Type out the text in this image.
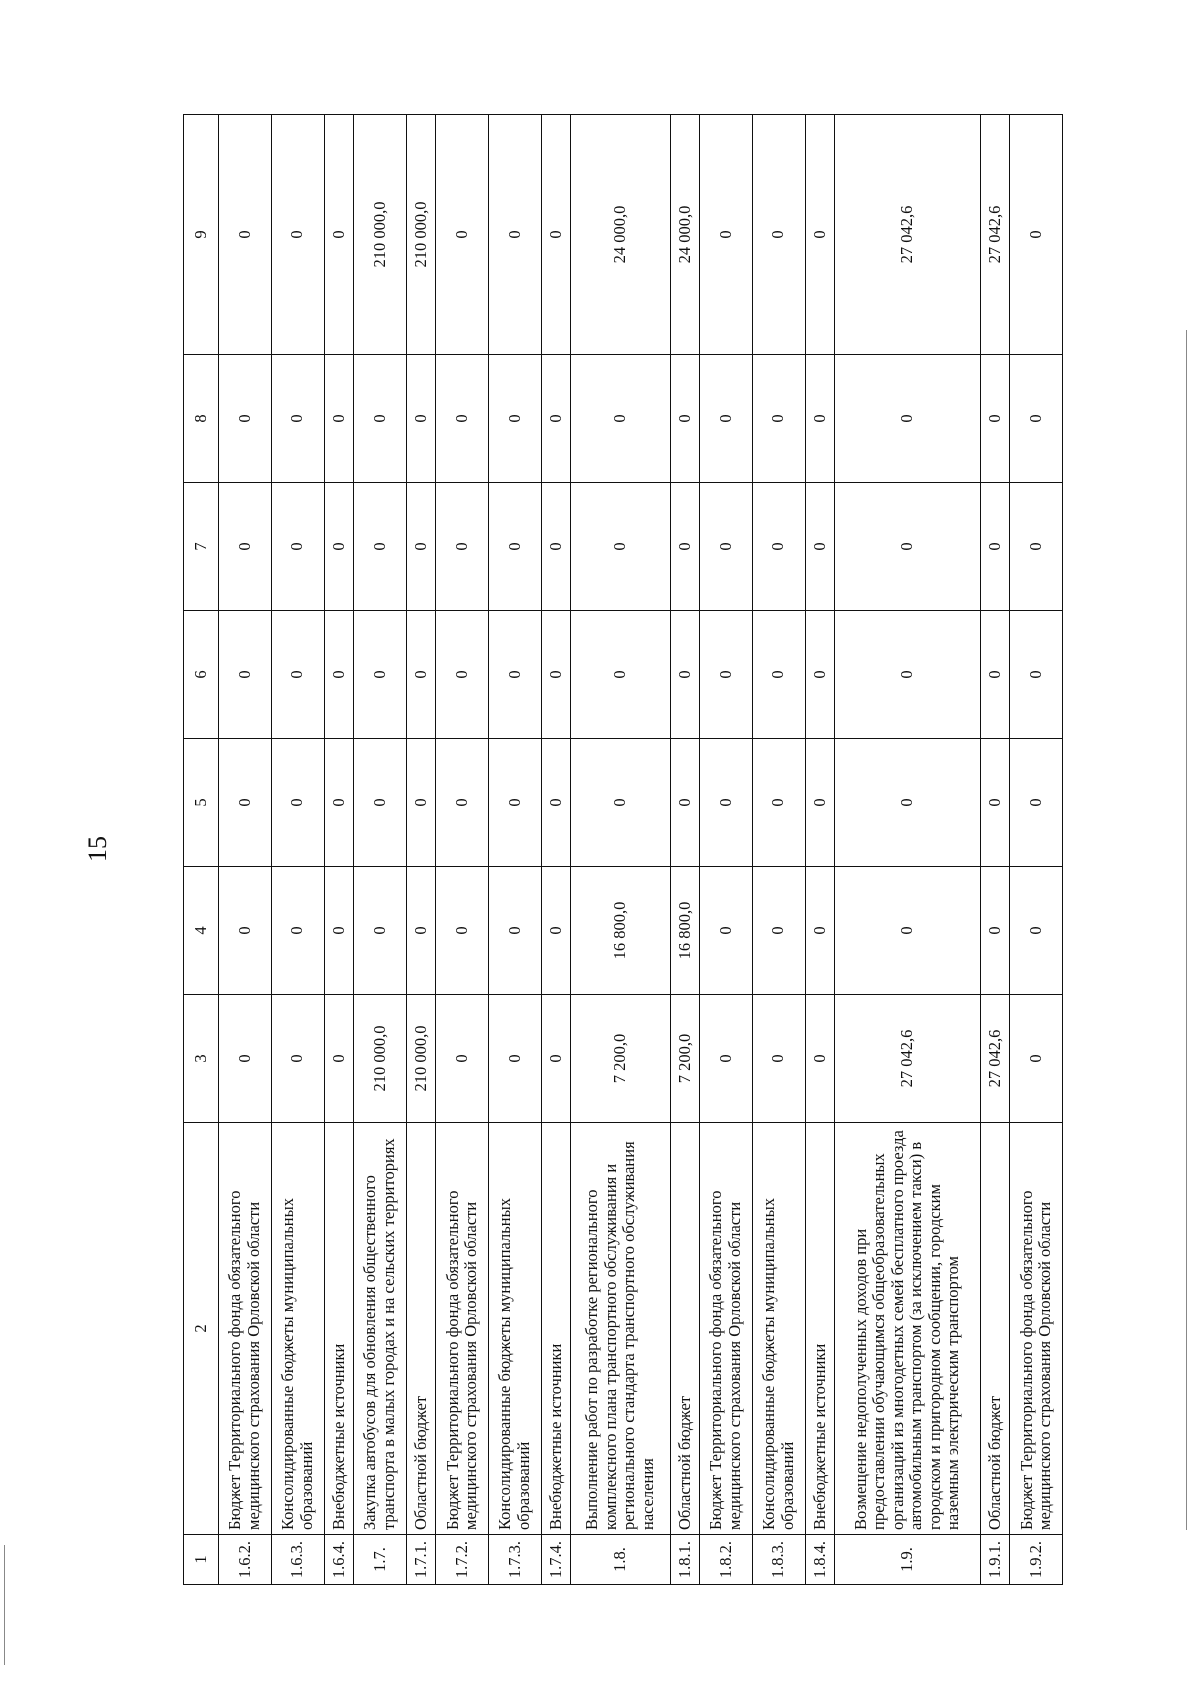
15
1	2	3	4	5	6	7	8	9
1.6.2.	Бюджет Территориального фонда обязательного медицинского страхования Орловской области	0	0	0	0	0	0	0
1.6.3.	Консолидированные бюджеты муниципальных образований	0	0	0	0	0	0	0
1.6.4.	Внебюджетные источники	0	0	0	0	0	0	0
1.7.	Закупка автобусов для обновления общественного транспорта в малых городах и на сельских территориях	210 000,0	0	0	0	0	0	210 000,0
1.7.1.	Областной бюджет	210 000,0	0	0	0	0	0	210 000,0
1.7.2.	Бюджет Территориального фонда обязательного медицинского страхования Орловской области	0	0	0	0	0	0	0
1.7.3.	Консолидированные бюджеты муниципальных образований	0	0	0	0	0	0	0
1.7.4.	Внебюджетные источники	0	0	0	0	0	0	0
1.8.	Выполнение работ по разработке регионального комплексного плана транспортного обслуживания и регионального стандарта транспортного обслуживания населения	7 200,0	16 800,0	0	0	0	0	24 000,0
1.8.1.	Областной бюджет	7 200,0	16 800,0	0	0	0	0	24 000,0
1.8.2.	Бюджет Территориального фонда обязательного медицинского страхования Орловской области	0	0	0	0	0	0	0
1.8.3.	Консолидированные бюджеты муниципальных образований	0	0	0	0	0	0	0
1.8.4.	Внебюджетные источники	0	0	0	0	0	0	0
1.9.	Возмещение недополученных доходов при предоставлении обучающимся общеобразовательных организаций из многодетных семей бесплатного проезда автомобильным транспортом (за исключением такси) в городском и пригородном сообщении, городским наземным электрическим транспортом	27 042,6	0	0	0	0	0	27 042,6
1.9.1.	Областной бюджет	27 042,6	0	0	0	0	0	27 042,6
1.9.2.	Бюджет Территориального фонда обязательного медицинского страхования Орловской области	0	0	0	0	0	0	0
